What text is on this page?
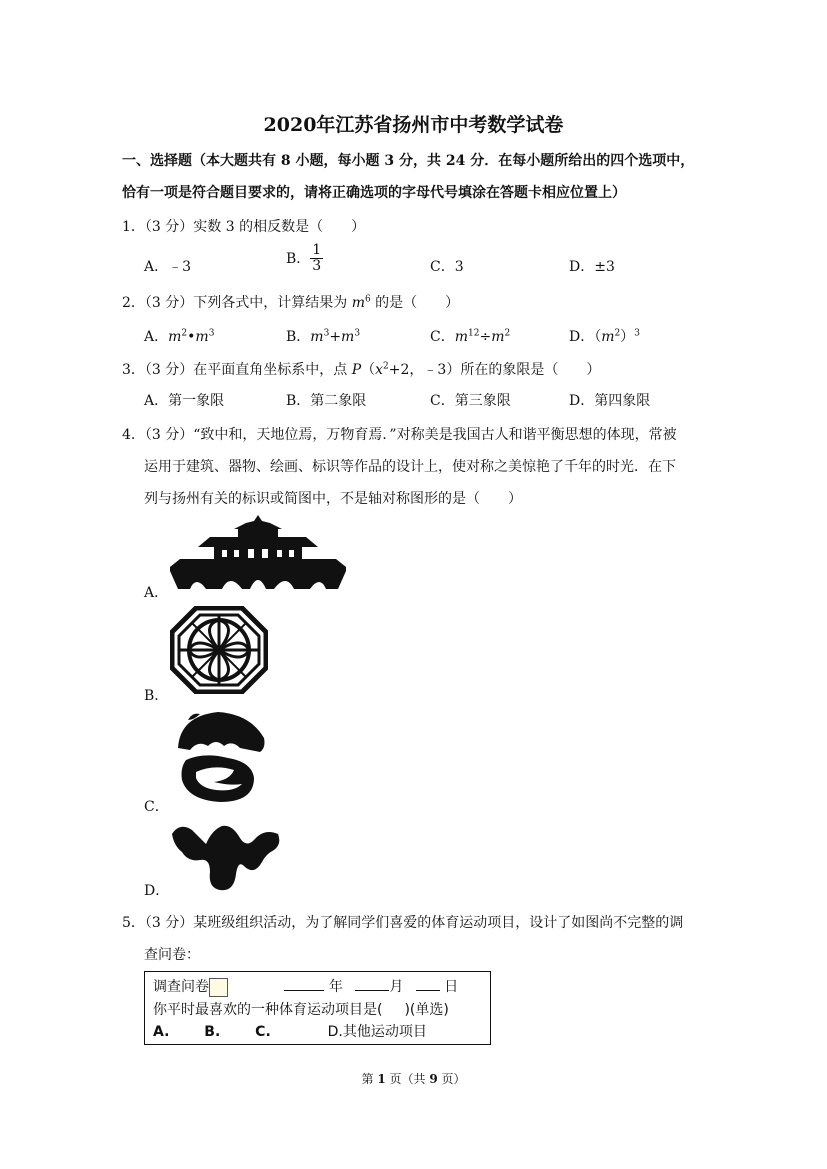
2020年江苏省扬州市中考数学试卷
一、选择题（本大题共有 8 小题，每小题 3 分，共 24 分．在每小题所给出的四个选项中，
恰有一项是符合题目要求的，请将正确选项的字母代号填涂在答题卡相应位置上）
1．（3 分）实数 3 的相反数是（　　）
A．﹣3	B． $\frac{1}{3}$	C．3	D．±3
2．（3 分）下列各式中，计算结果为 $m^6$ 的是（　　）
A．$m^2•m^3$	B．$m^3+m^3$	C．$m^{12}\div m^2$	D．$(m^2)^3$
3．（3 分）在平面直角坐标系中，点 $P(x^2+2$，﹣3）所在的象限是（　　）
A．第一象限	B．第二象限	C．第三象限	D．第四象限
4．（3 分）“致中和，天地位焉，万物育焉．”对称美是我国古人和谐平衡思想的体现，常被
运用于建筑、器物、绘画、标识等作品的设计上，使对称之美惊艳了千年的时光．在下
列与扬州有关的标识或简图中，不是轴对称图形的是（　　）
A．
B．
C．
D．
5．（3 分）某班级组织活动，为了解同学们喜爱的体育运动项目，设计了如图尚不完整的调
查问卷：
调查问卷	年	月	日
你平时最喜欢的一种体育运动项目是( )(单选)
A. B. C.	D.其他运动项目
第 1 页（共 9 页）
